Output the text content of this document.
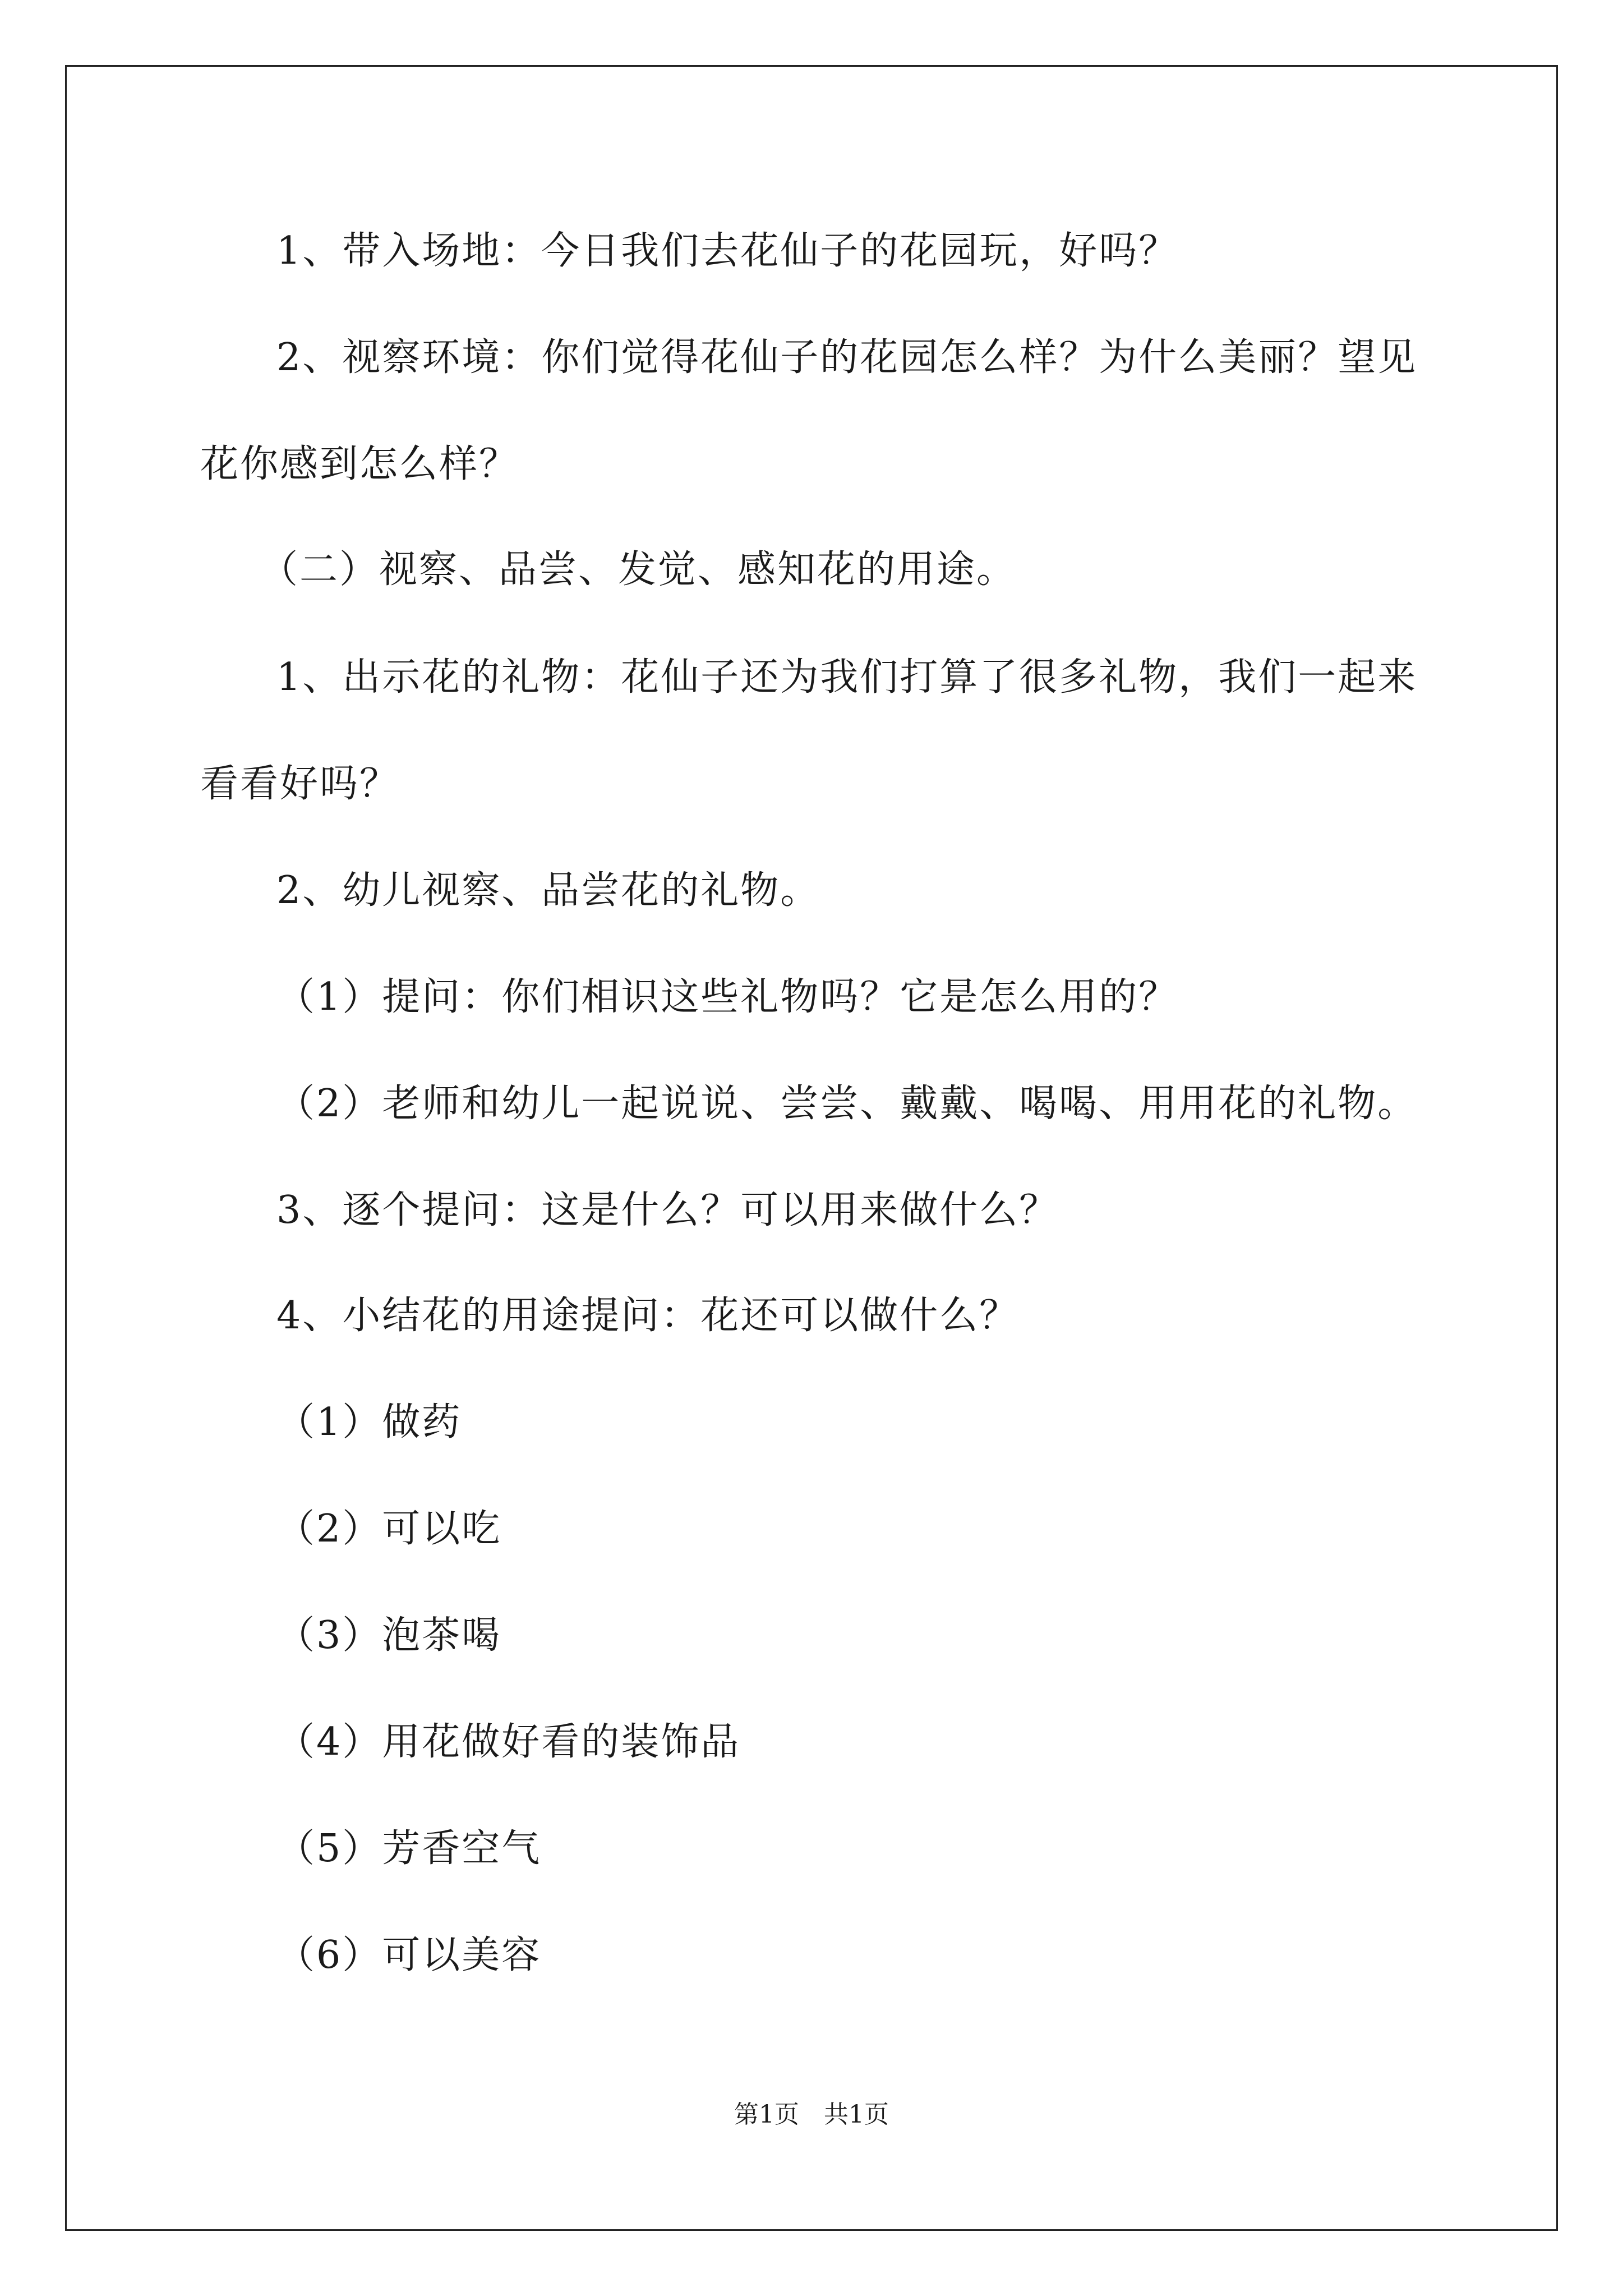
1、带入场地：今日我们去花仙子的花园玩，好吗？
2、视察环境：你们觉得花仙子的花园怎么样？为什么美丽？望见
花你感到怎么样？
（二）视察、品尝、发觉、感知花的用途。
1、出示花的礼物：花仙子还为我们打算了很多礼物，我们一起来
看看好吗？
2、幼儿视察、品尝花的礼物。
（1）提问：你们相识这些礼物吗？它是怎么用的？
（2）老师和幼儿一起说说、尝尝、戴戴、喝喝、用用花的礼物。
3、逐个提问：这是什么？可以用来做什么？
4、小结花的用途提问：花还可以做什么？
（1）做药
（2）可以吃
（3）泡茶喝
（4）用花做好看的装饰品
（5）芳香空气
（6）可以美容
第1页　共1页
